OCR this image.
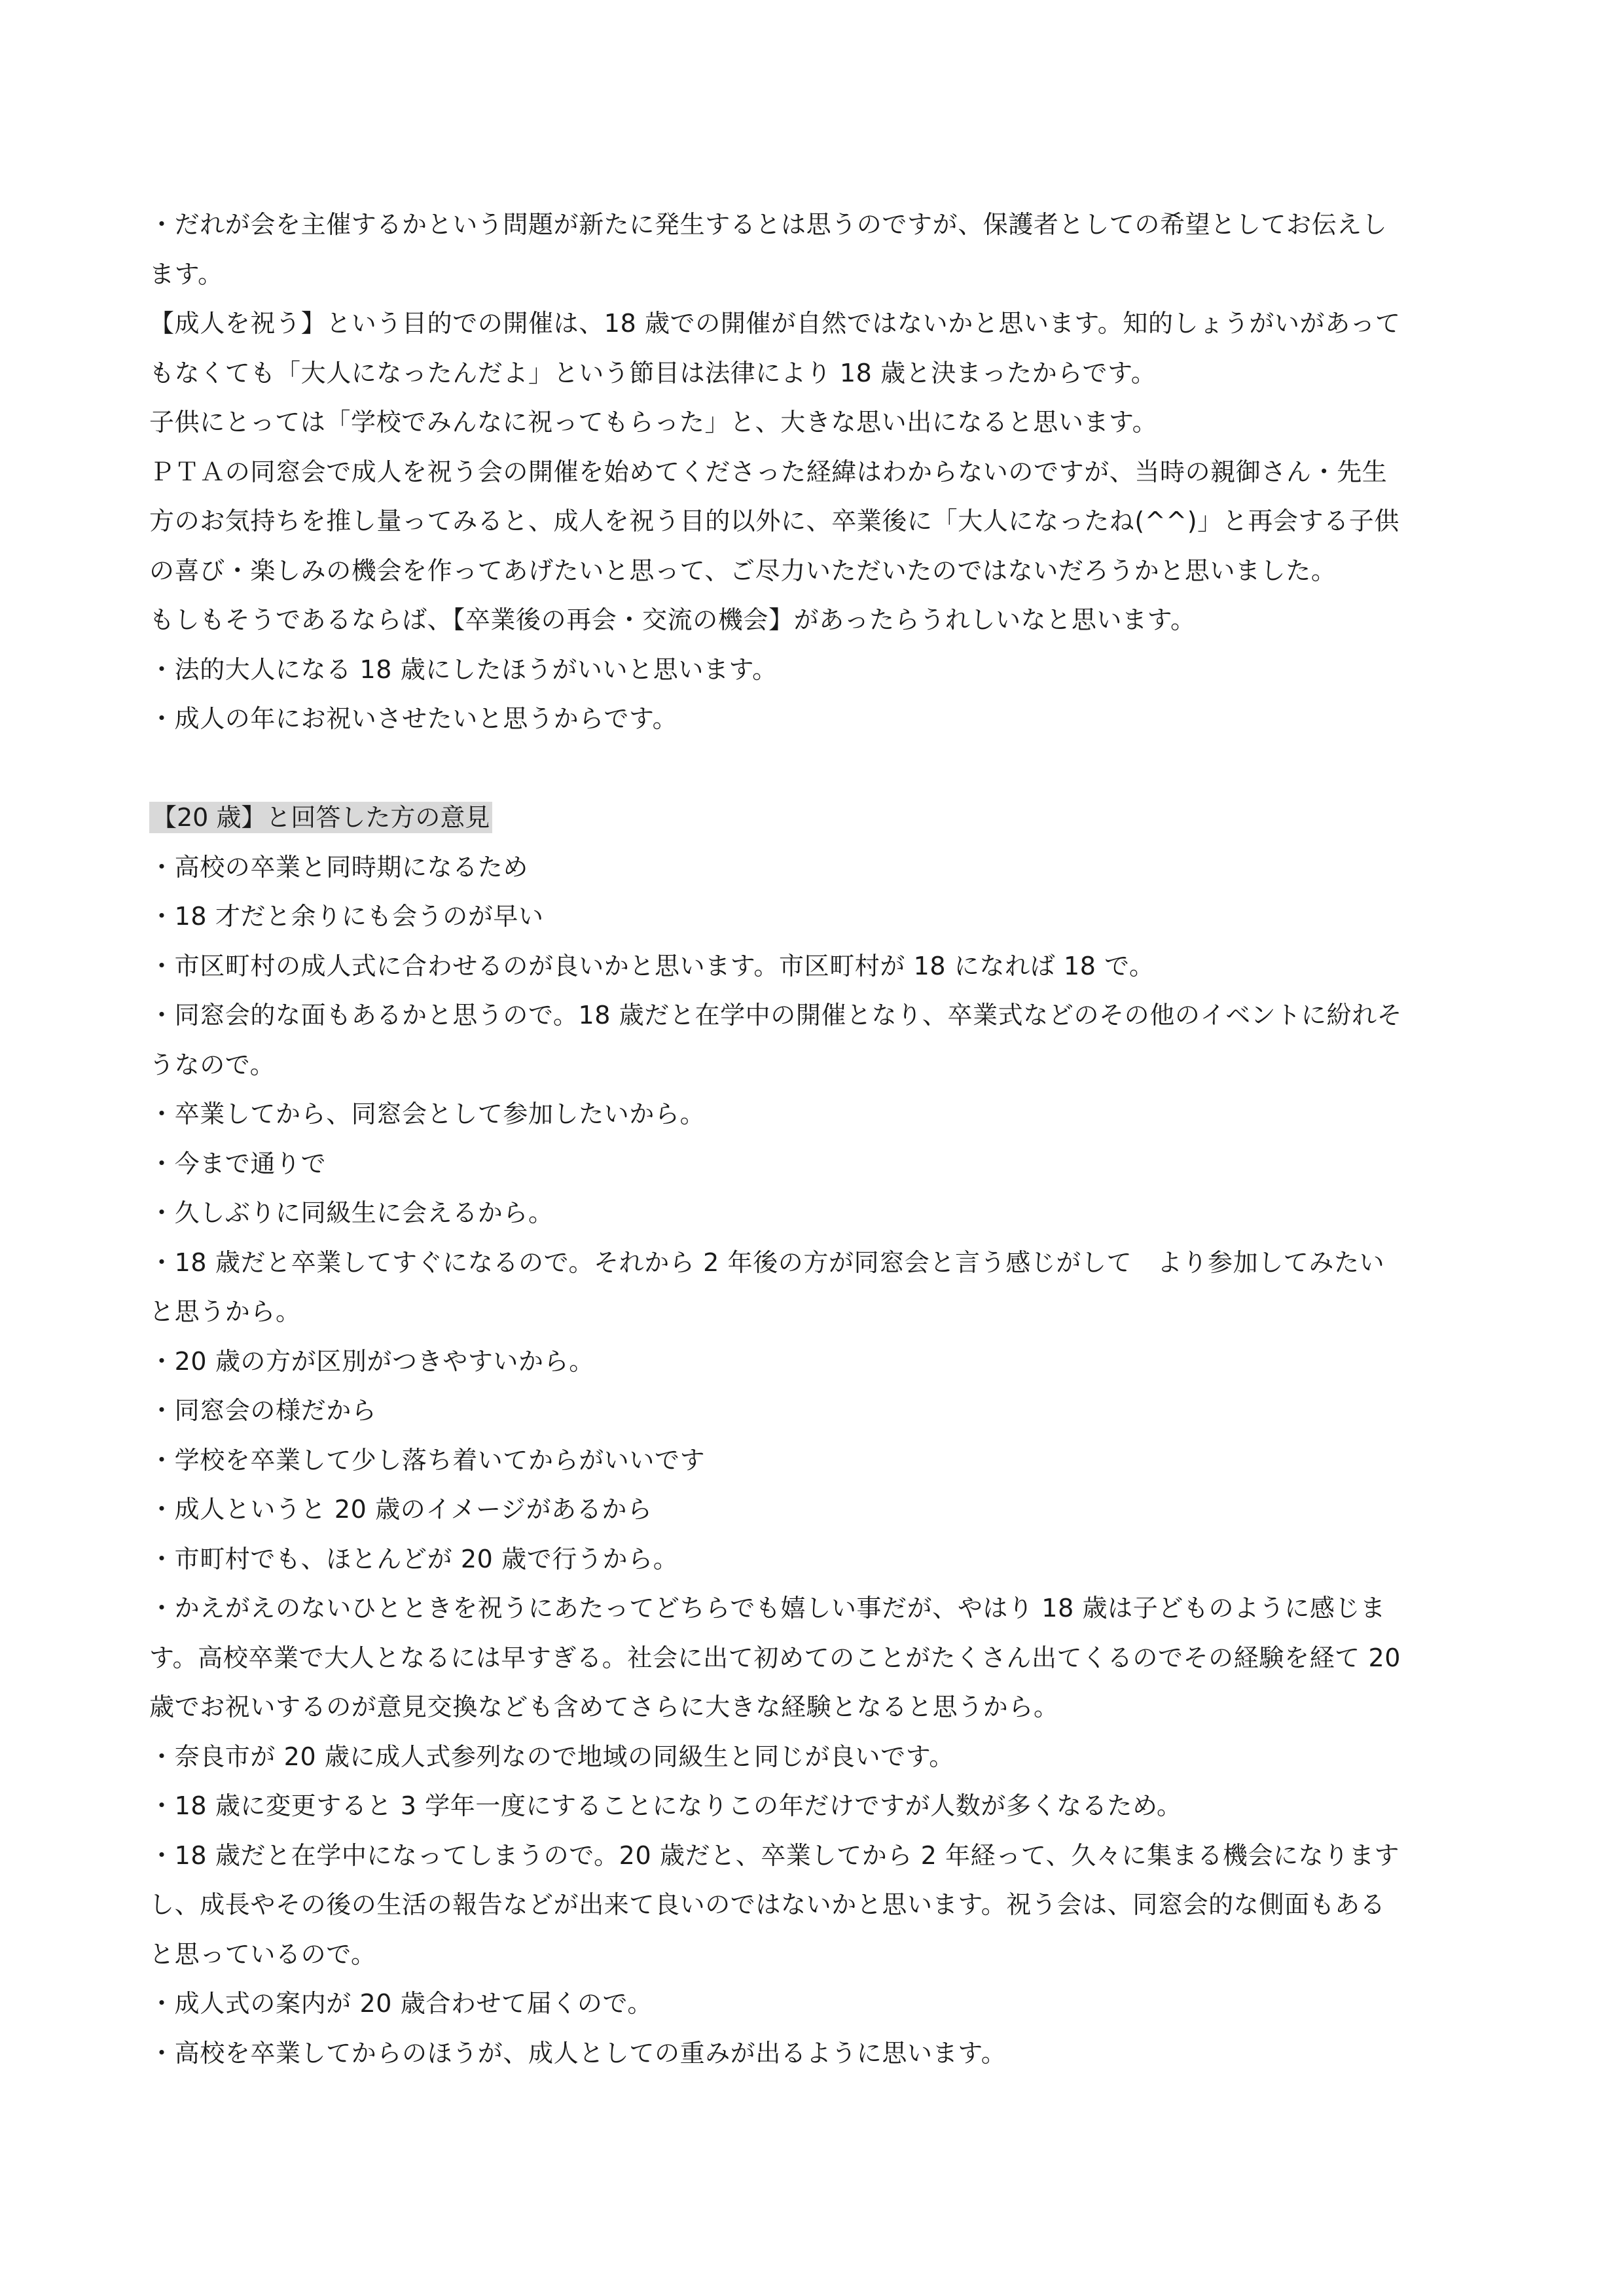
・だれが会を主催するかという問題が新たに発生するとは思うのですが、保護者としての希望としてお伝えし
ます。
【成人を祝う】という目的での開催は、18 歳での開催が自然ではないかと思います。知的しょうがいがあって
もなくても「大人になったんだよ」という節目は法律により 18 歳と決まったからです。
子供にとっては「学校でみんなに祝ってもらった」と、大きな思い出になると思います。
ＰＴＡの同窓会で成人を祝う会の開催を始めてくださった経緯はわからないのですが、当時の親御さん・先生
方のお気持ちを推し量ってみると、成人を祝う目的以外に、卒業後に「大人になったね(^^)」と再会する子供
の喜び・楽しみの機会を作ってあげたいと思って、ご尽力いただいたのではないだろうかと思いました。
もしもそうであるならば、【卒業後の再会・交流の機会】があったらうれしいなと思います。
・法的大人になる 18 歳にしたほうがいいと思います。
・成人の年にお祝いさせたいと思うからです。
【20 歳】と回答した方の意見
・高校の卒業と同時期になるため
・18 才だと余りにも会うのが早い
・市区町村の成人式に合わせるのが良いかと思います。市区町村が 18 になれば 18 で。
・同窓会的な面もあるかと思うので。18 歳だと在学中の開催となり、卒業式などのその他のイベントに紛れそ
うなので。
・卒業してから、同窓会として参加したいから。
・今まで通りで
・久しぶりに同級生に会えるから。
・18 歳だと卒業してすぐになるので。それから 2 年後の方が同窓会と言う感じがして　より参加してみたい
と思うから。
・20 歳の方が区別がつきやすいから。
・同窓会の様だから
・学校を卒業して少し落ち着いてからがいいです
・成人というと 20 歳のイメージがあるから
・市町村でも、ほとんどが 20 歳で行うから。
・かえがえのないひとときを祝うにあたってどちらでも嬉しい事だが、やはり 18 歳は子どものように感じま
す。高校卒業で大人となるには早すぎる。社会に出て初めてのことがたくさん出てくるのでその経験を経て 20
歳でお祝いするのが意見交換なども含めてさらに大きな経験となると思うから。
・奈良市が 20 歳に成人式参列なので地域の同級生と同じが良いです。
・18 歳に変更すると 3 学年一度にすることになりこの年だけですが人数が多くなるため。
・18 歳だと在学中になってしまうので。20 歳だと、卒業してから 2 年経って、久々に集まる機会になります
し、成長やその後の生活の報告などが出来て良いのではないかと思います。祝う会は、同窓会的な側面もある
と思っているので。
・成人式の案内が 20 歳合わせて届くので。
・高校を卒業してからのほうが、成人としての重みが出るように思います。
